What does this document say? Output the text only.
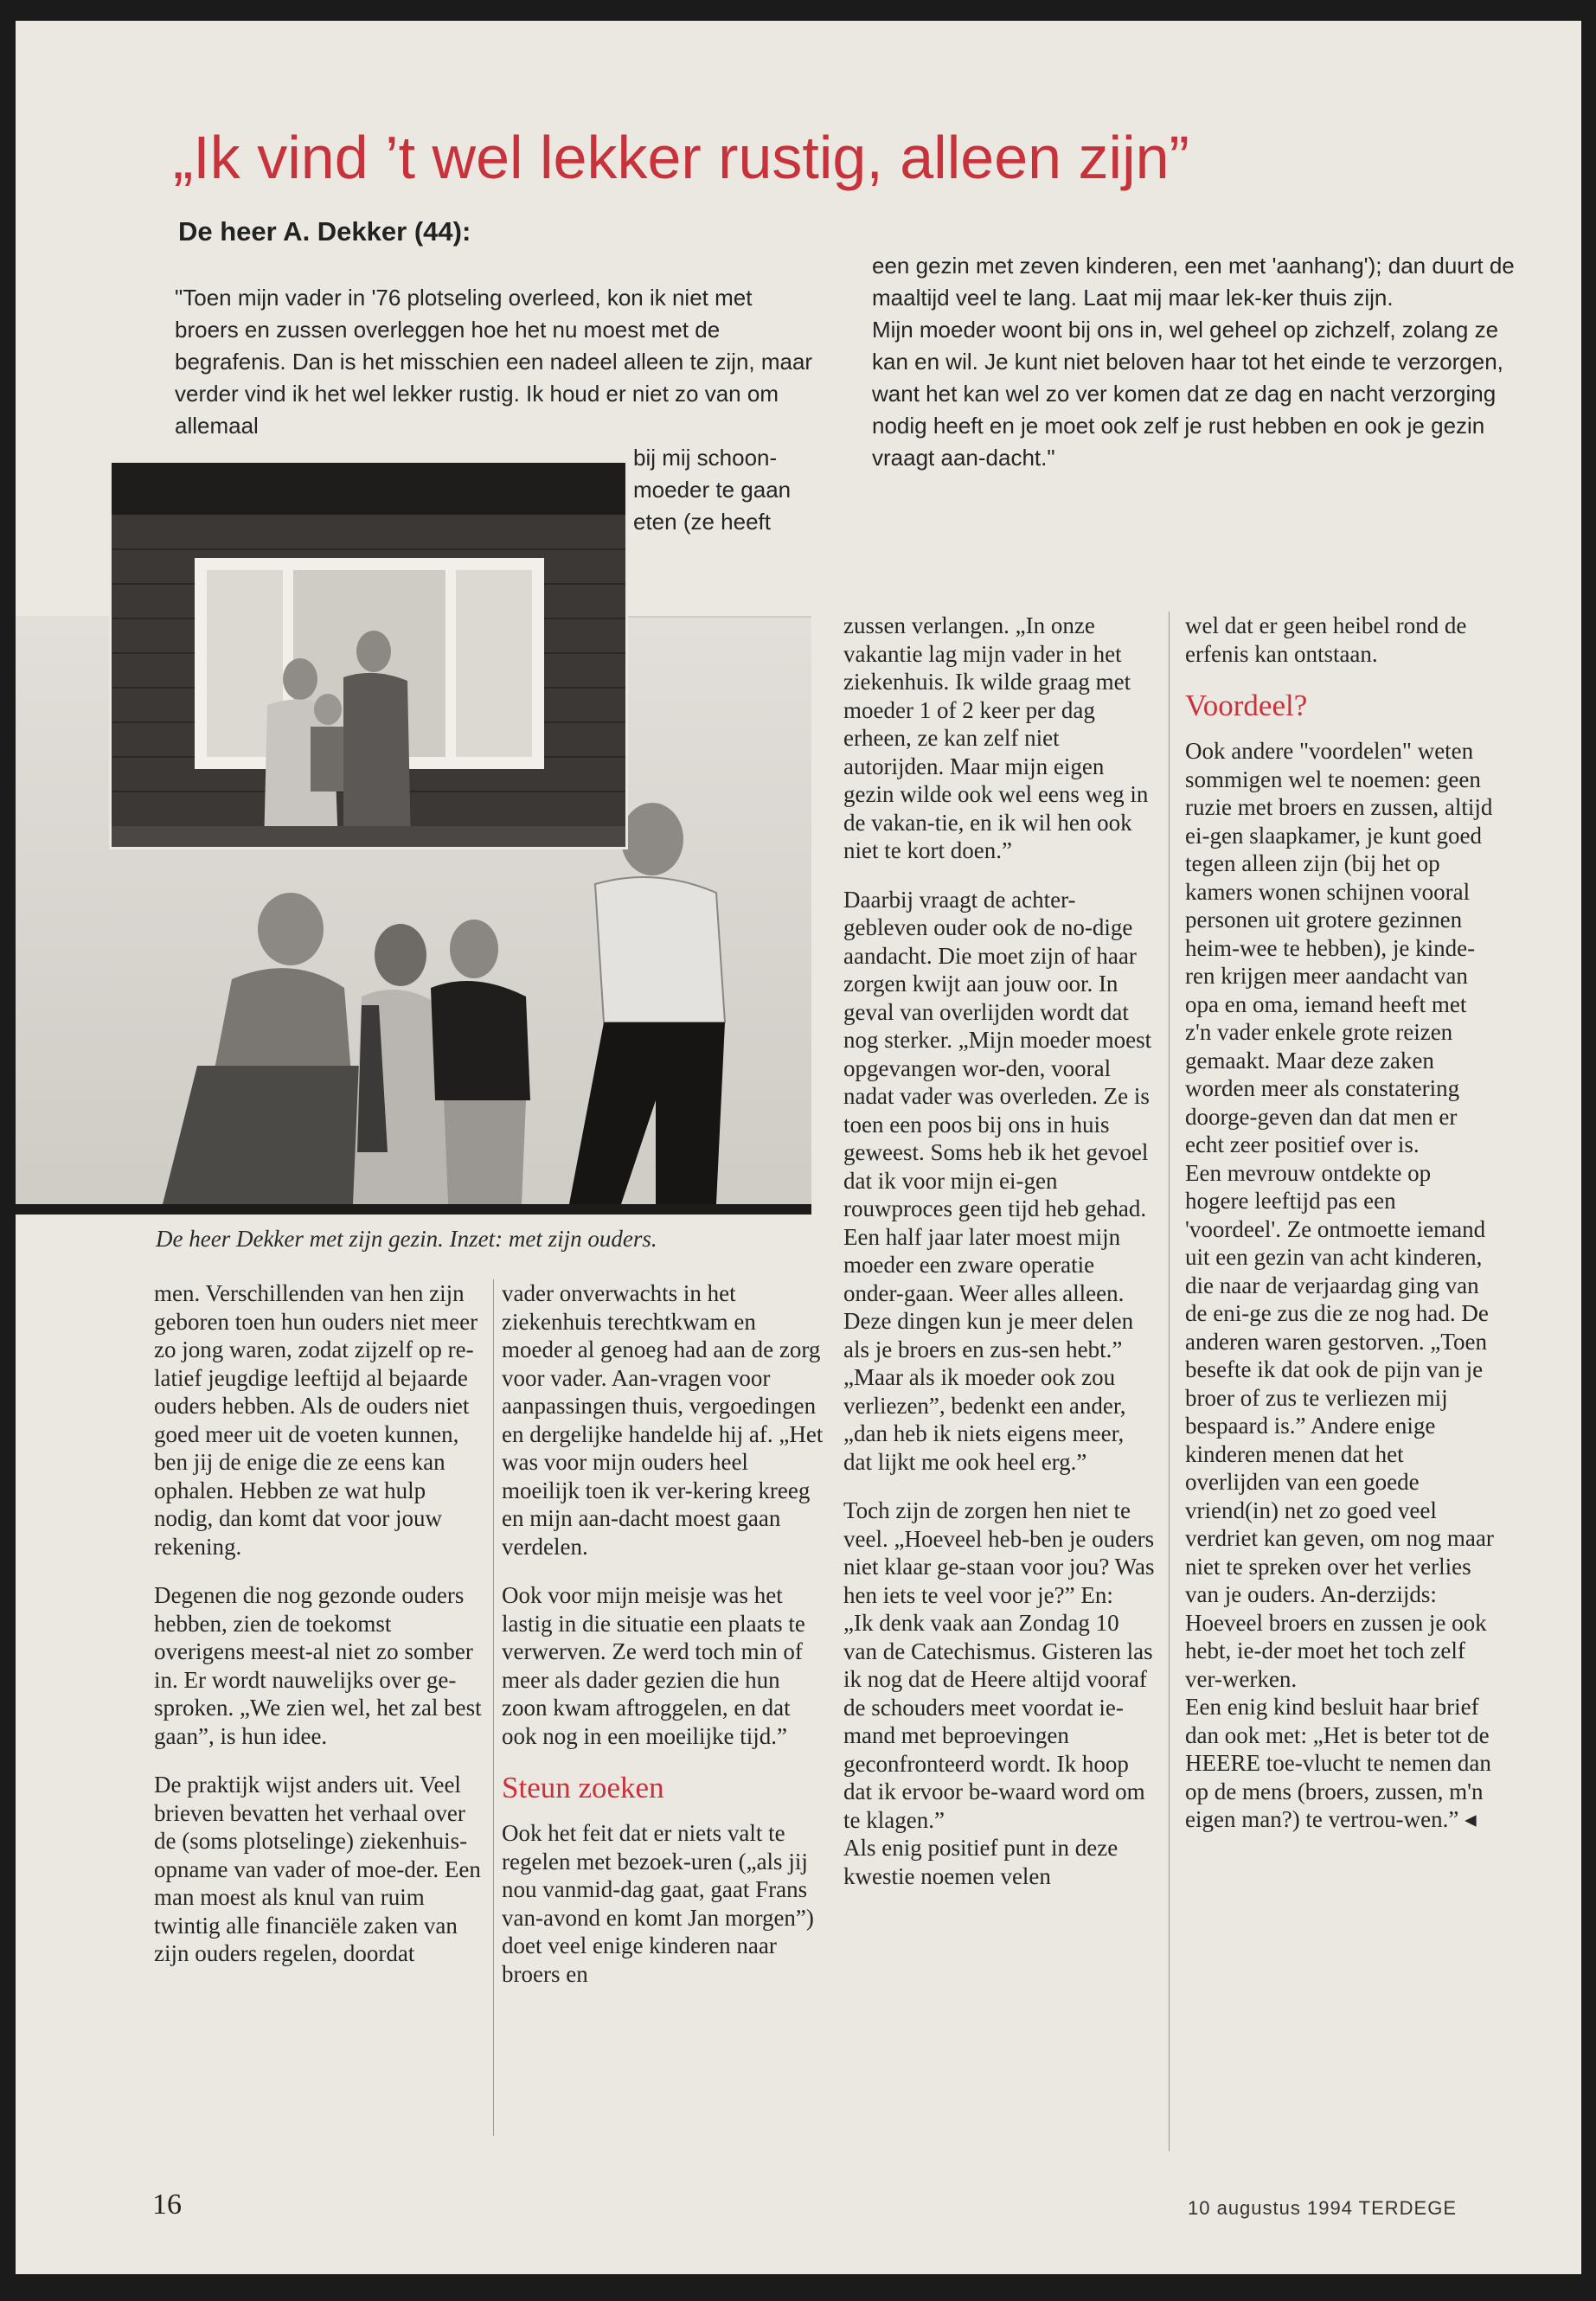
„Ik vind ’t wel lekker rustig, alleen zijn”
De heer A. Dekker (44):

"Toen mijn vader in '76 plotseling overleed, kon ik niet met broers en zussen overleggen hoe het nu moest met de begrafenis. Dan is het misschien een nadeel alleen te zijn, maar verder vind ik het wel lekker rustig. Ik houd er niet zo van om allemaal

bij mij schoon-moeder te gaan eten (ze heeft

een gezin met zeven kinderen, een met 'aanhang'); dan duurt de maaltijd veel te lang. Laat mij maar lek-ker thuis zijn.

Mijn moeder woont bij ons in, wel geheel op zichzelf, zolang ze kan en wil. Je kunt niet beloven haar tot het einde te verzorgen, want het kan wel zo ver komen dat ze dag en nacht verzorging nodig heeft en je moet ook zelf je rust hebben en ook je gezin vraagt aan-dacht."

De heer Dekker met zijn gezin. Inzet: met zijn ouders.

men. Verschillenden van hen zijn geboren toen hun ouders niet meer zo jong waren, zodat zijzelf op re-latief jeugdige leeftijd al bejaarde ouders hebben. Als de ouders niet goed meer uit de voeten kunnen, ben jij de enige die ze eens kan ophalen. Hebben ze wat hulp nodig, dan komt dat voor jouw rekening.

Degenen die nog gezonde ouders hebben, zien de toekomst overigens meest-al niet zo somber in. Er wordt nauwelijks over ge-sproken. „We zien wel, het zal best gaan”, is hun idee.

De praktijk wijst anders uit. Veel brieven bevatten het verhaal over de (soms plotselinge) ziekenhuis-opname van vader of moe-der. Een man moest als knul van ruim twintig alle financiële zaken van zijn ouders regelen, doordat

vader onverwachts in het ziekenhuis terechtkwam en moeder al genoeg had aan de zorg voor vader. Aan-vragen voor aanpassingen thuis, vergoedingen en dergelijke handelde hij af. „Het was voor mijn ouders heel moeilijk toen ik ver-kering kreeg en mijn aan-dacht moest gaan verdelen.

Ook voor mijn meisje was het lastig in die situatie een plaats te verwerven. Ze werd toch min of meer als dader gezien die hun zoon kwam aftroggelen, en dat ook nog in een moeilijke tijd.”

Steun zoeken

Ook het feit dat er niets valt te regelen met bezoek-uren („als jij nou vanmid-dag gaat, gaat Frans van-avond en komt Jan morgen”) doet veel enige kinderen naar broers en

zussen verlangen. „In onze vakantie lag mijn vader in het ziekenhuis. Ik wilde graag met moeder 1 of 2 keer per dag erheen, ze kan zelf niet autorijden. Maar mijn eigen gezin wilde ook wel eens weg in de vakan-tie, en ik wil hen ook niet te kort doen.”

Daarbij vraagt de achter-gebleven ouder ook de no-dige aandacht. Die moet zijn of haar zorgen kwijt aan jouw oor. In geval van overlijden wordt dat nog sterker. „Mijn moeder moest opgevangen wor-den, vooral nadat vader was overleden. Ze is toen een poos bij ons in huis geweest. Soms heb ik het gevoel dat ik voor mijn ei-gen rouwproces geen tijd heb gehad. Een half jaar later moest mijn moeder een zware operatie onder-gaan. Weer alles alleen. Deze dingen kun je meer delen als je broers en zus-sen hebt.”

„Maar als ik moeder ook zou verliezen”, bedenkt een ander, „dan heb ik niets eigens meer, dat lijkt me ook heel erg.”

Toch zijn de zorgen hen niet te veel. „Hoeveel heb-ben je ouders niet klaar ge-staan voor jou? Was hen iets te veel voor je?” En:

„Ik denk vaak aan Zondag 10 van de Catechismus. Gisteren las ik nog dat de Heere altijd vooraf de schouders meet voordat ie-mand met beproevingen geconfronteerd wordt. Ik hoop dat ik ervoor be-waard word om te klagen.”

Als enig positief punt in deze kwestie noemen velen

wel dat er geen heibel rond de erfenis kan ontstaan.

Voordeel?

Ook andere "voordelen" weten sommigen wel te noemen: geen ruzie met broers en zussen, altijd ei-gen slaapkamer, je kunt goed tegen alleen zijn (bij het op kamers wonen schijnen vooral personen uit grotere gezinnen heim-wee te hebben), je kinde-ren krijgen meer aandacht van opa en oma, iemand heeft met z'n vader enkele grote reizen gemaakt. Maar deze zaken worden meer als constatering doorge-geven dan dat men er echt zeer positief over is.

Een mevrouw ontdekte op hogere leeftijd pas een 'voordeel'. Ze ontmoette iemand uit een gezin van acht kinderen, die naar de verjaardag ging van de eni-ge zus die ze nog had. De anderen waren gestorven. „Toen besefte ik dat ook de pijn van je broer of zus te verliezen mij bespaard is.” Andere enige kinderen menen dat het overlijden van een goede vriend(in) net zo goed veel verdriet kan geven, om nog maar niet te spreken over het verlies van je ouders. An-derzijds: Hoeveel broers en zussen je ook hebt, ie-der moet het toch zelf ver-werken.

Een enig kind besluit haar brief dan ook met: „Het is beter tot de HEERE toe-vlucht te nemen dan op de mens (broers, zussen, m'n eigen man?) te vertrou-wen.” ◂

16	10 augustus 1994 TERDEGE
